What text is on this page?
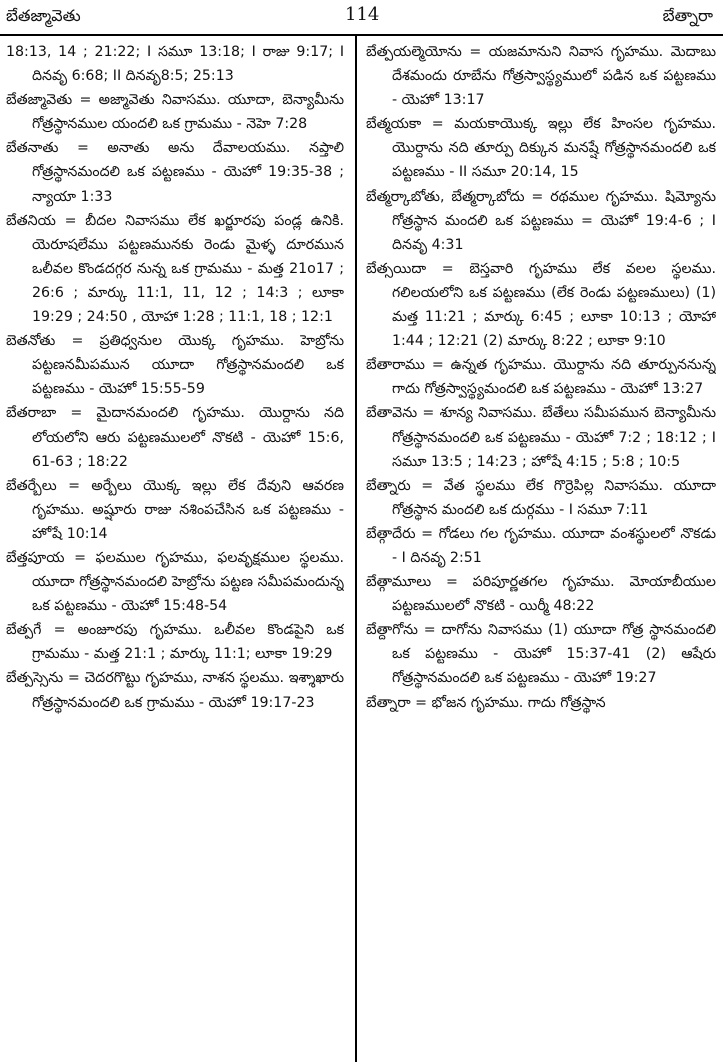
బేతజ్మావెతు	114	బేత్నారా

18:13, 14 ; 21:22; I సమూ 13:18; I రాజు 9:17; I దినవృ 6:68; II దినవృ8:5; 25:13

బేతజ్మావెతు = అజ్మావెతు నివాసము. యూదా, బెన్యామీను గోత్రస్థానముల యందలి ఒక గ్రామము - నెహె 7:28

బేతనాతు = అనాతు అను దేవాలయము. నప్తాలి గోత్రస్థానమందలి ఒక పట్టణము - యెహో 19:35-38 ; న్యాయా 1:33

బేతనియ = బీదల నివాసము లేక ఖర్జూరపు పండ్ల ఉనికి. యెరూషలేము పట్టణమునకు రెండు మైళ్ళ దూరమున ఒలీవల కొండదగ్గర నున్న ఒక గ్రామము - మత్త 21o17 ; 26:6 ; మార్కు 11:1, 11, 12 ; 14:3 ; లూకా 19:29 ; 24:50 , యోహా 1:28 ; 11:1, 18 ; 12:1

బెతనోతు = ప్రతిధ్వనుల యొక్క గృహము. హెబ్రోను పట్టణనమీపమున యూదా గోత్రస్థానమందలి ఒక పట్టణము - యెహో 15:55-59

బేతరాబా = మైదానమందలి గృహము. యొర్దాను నది లోయలోని ఆరు పట్టణములలో నొకటి - యెహో 15:6, 61-63 ; 18:22

బేతర్బేలు = అర్బేలు యొక్క ఇల్లు లేక దేవుని ఆవరణ గృహము. అష్షూరు రాజు నశింపచేసిన ఒక పట్టణము - హోషే 10:14

బేత్తపూయ = ఫలముల గృహము, ఫలవృక్షముల స్థలము. యూదా గోత్రస్థానమందలి హెబ్రోను పట్టణ సమీపమందున్న ఒక పట్టణము - యెహో 15:48-54

బేత్పగే = అంజూరపు గృహము. ఒలీవల కొండపైని ఒక గ్రామము - మత్త 21:1 ; మార్కు 11:1; లూకా 19:29

బేత్పస్సెను = చెదరగొట్టు గృహము, నాశన స్థలము. ఇశ్శాఖారు గోత్రస్థానమందలి ఒక గ్రామము - యెహో 19:17-23

బేత్పయల్మెయోను = యజమానుని నివాస గృహము. మెదాబు దేశమందు రూబేను గోత్రస్వాస్థ్యములో పడిన ఒక పట్టణము - యెహో 13:17

బేత్మయకా = మయకాయొక్క ఇల్లు లేక హింసల గృహము. యొర్దాను నది తూర్పు దిక్కున మనష్షే గోత్రస్థానమందలి ఒక పట్టణము - II సమూ 20:14, 15

బేత్మర్కాబోతు, బేత్మర్కాబోదు = రథముల గృహము. షిమ్యోను గోత్రస్థాన మందలి ఒక పట్టణము = యెహో 19:4-6 ; I దినవృ 4:31

బేత్సయిదా = బెస్తవారి గృహము లేక వలల స్థలము. గలిలయలోని ఒక పట్టణము (లేక రెండు పట్టణములు) (1) మత్త 11:21 ; మార్కు 6:45 ; లూకా 10:13 ; యోహా 1:44 ; 12:21 (2) మార్కు 8:22 ; లూకా 9:10

బేతారాము = ఉన్నత గృహము. యొర్దాను నది తూర్పుననున్న గాదు గోత్రస్వాస్థ్యమందలి ఒక పట్టణము - యెహో 13:27

బేతావెను = శూన్య నివాసము. బేతేలు సమీపమున బెన్యామీను గోత్రస్థానమందలి ఒక పట్టణము - యెహో 7:2 ; 18:12 ; I సమూ 13:5 ; 14:23 ; హోషే 4:15 ; 5:8 ; 10:5

బేత్నారు = వేత స్థలము లేక గొర్రెపిల్ల నివాసము. యూదా గోత్రస్థాన మందలి ఒక దుర్గము - I సమూ 7:11

బేత్గాదేరు = గోడలు గల గృహము. యూదా వంశస్థులలో నొకడు - I దినవృ 2:51

బేత్గామూలు = పరిపూర్ణతగల గృహము. మోయాబీయుల పట్టణములలో నొకటి - యిర్మీ 48:22

బేత్దాగోను = దాగోను నివాసము (1) యూదా గోత్ర స్థానమందలి ఒక పట్టణము - యెహో 15:37-41 (2) ఆషేరు గోత్రస్థానమందలి ఒక పట్టణము - యెహో 19:27

బేత్నారా = భోజన గృహము. గాదు గోత్రస్థాన
